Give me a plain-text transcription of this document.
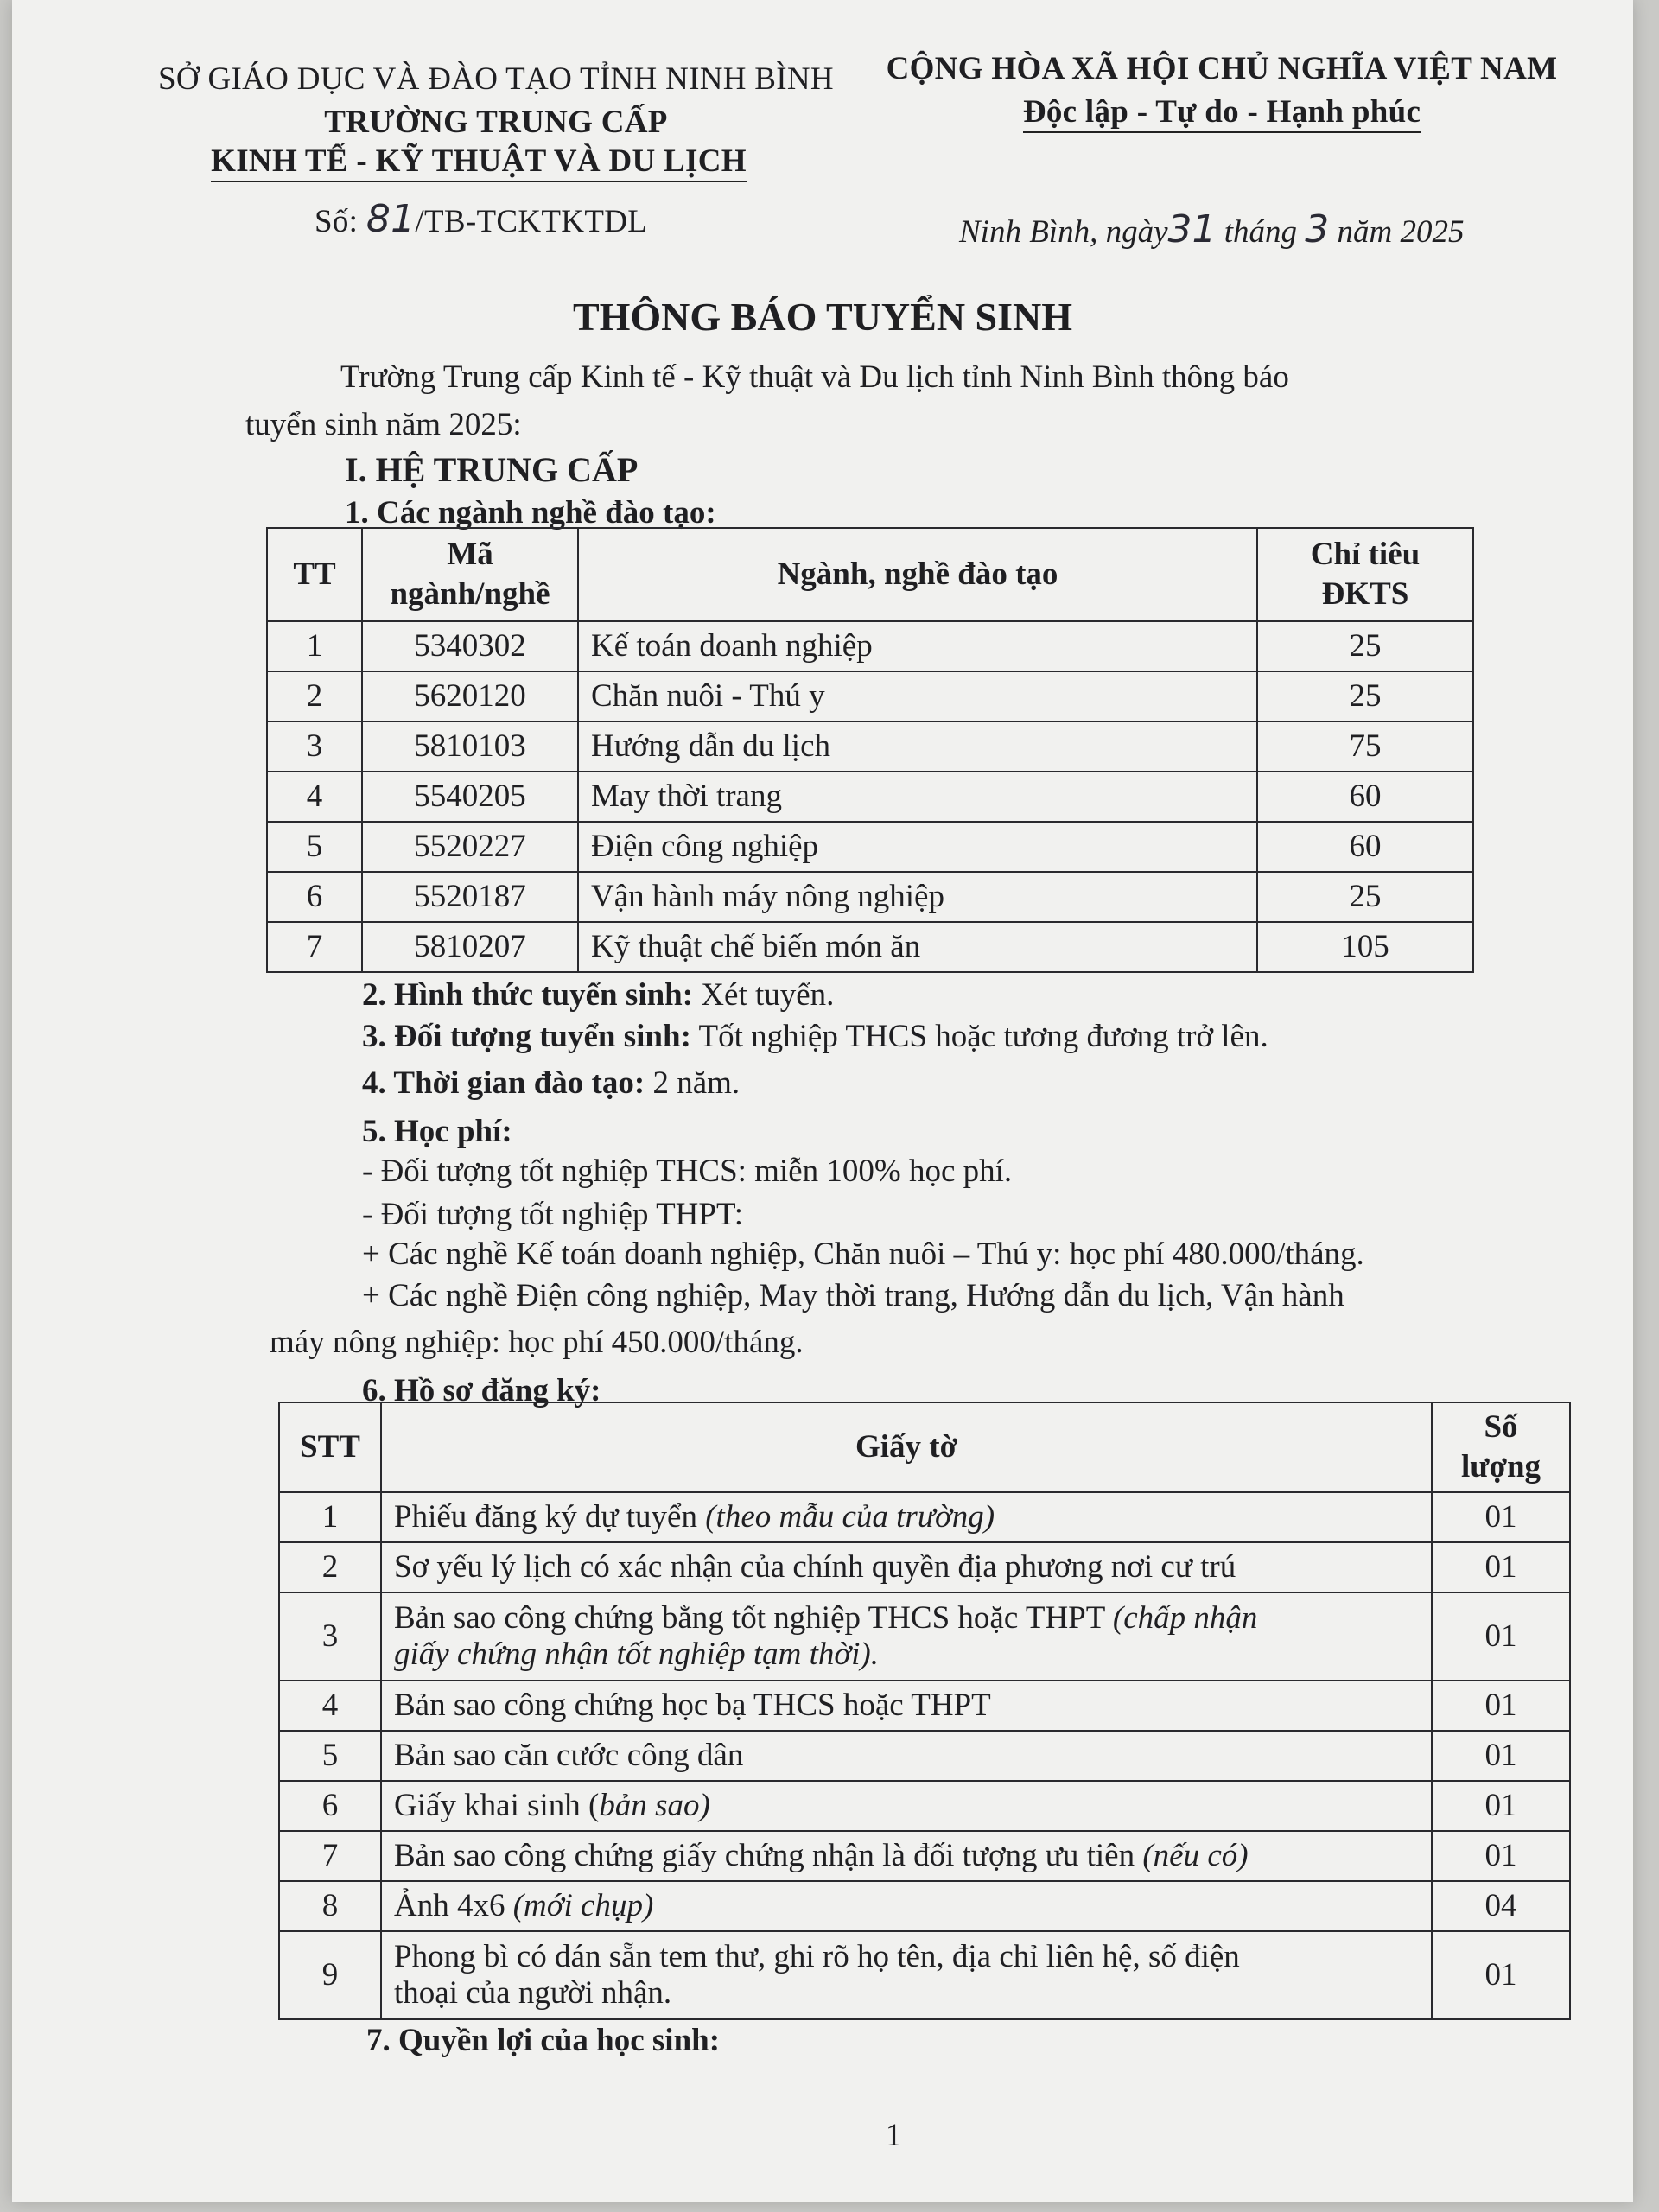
SỞ GIÁO DỤC VÀ ĐÀO TẠO TỈNH NINH BÌNH
TRƯỜNG TRUNG CẤP
KINH TẾ - KỸ THUẬT VÀ DU LỊCH
Số: 81/TB-TCKTKTDL
CỘNG HÒA XÃ HỘI CHỦ NGHĨA VIỆT NAM
Độc lập - Tự do - Hạnh phúc
Ninh Bình, ngày31 tháng 3 năm 2025
THÔNG BÁO TUYỂN SINH
Trường Trung cấp Kinh tế - Kỹ thuật và Du lịch tỉnh Ninh Bình thông báo
tuyển sinh năm 2025:
I. HỆ TRUNG CẤP
1. Các ngành nghề đào tạo:
TT	Mã
ngành/nghề	Ngành, nghề đào tạo	Chỉ tiêu
ĐKTS
1	5340302	Kế toán doanh nghiệp	25
2	5620120	Chăn nuôi - Thú y	25
3	5810103	Hướng dẫn du lịch	75
4	5540205	May thời trang	60
5	5520227	Điện công nghiệp	60
6	5520187	Vận hành máy nông nghiệp	25
7	5810207	Kỹ thuật chế biến món ăn	105
2. Hình thức tuyển sinh: Xét tuyển.
3. Đối tượng tuyển sinh: Tốt nghiệp THCS hoặc tương đương trở lên.
4. Thời gian đào tạo: 2 năm.
5. Học phí:
- Đối tượng tốt nghiệp THCS: miễn 100% học phí.
- Đối tượng tốt nghiệp THPT:
+ Các nghề Kế toán doanh nghiệp, Chăn nuôi – Thú y: học phí 480.000/tháng.
+ Các nghề Điện công nghiệp, May thời trang, Hướng dẫn du lịch, Vận hành
máy nông nghiệp: học phí 450.000/tháng.
6. Hồ sơ đăng ký:
STT	Giấy tờ	Số
lượng
1	Phiếu đăng ký dự tuyển (theo mẫu của trường)	01
2	Sơ yếu lý lịch có xác nhận của chính quyền địa phương nơi cư trú	01
3	Bản sao công chứng bằng tốt nghiệp THCS hoặc THPT (chấp nhận
giấy chứng nhận tốt nghiệp tạm thời).	01
4	Bản sao công chứng học bạ THCS hoặc THPT	01
5	Bản sao căn cước công dân	01
6	Giấy khai sinh (bản sao)	01
7	Bản sao công chứng giấy chứng nhận là đối tượng ưu tiên (nếu có)	01
8	Ảnh 4x6 (mới chụp)	04
9	Phong bì có dán sẵn tem thư, ghi rõ họ tên, địa chỉ liên hệ, số điện
thoại của người nhận.	01
7. Quyền lợi của học sinh:
1
